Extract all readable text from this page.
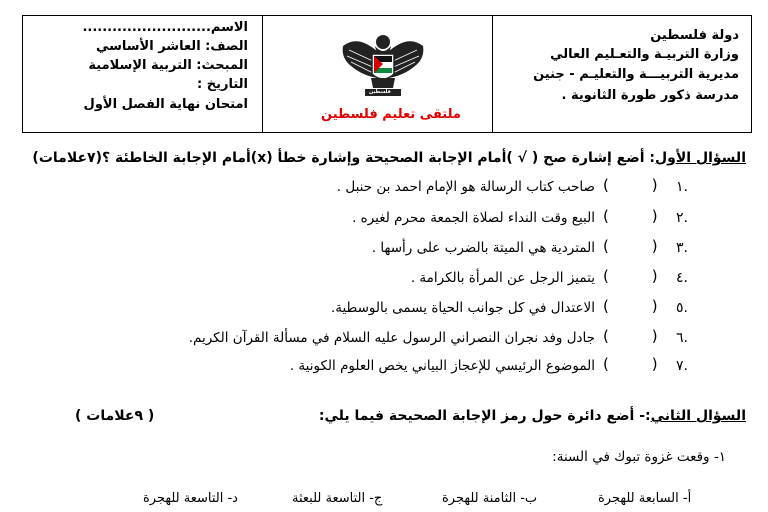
الاسم..........................
الصف: العاشر الأساسي
المبحث: التربية الإسلامية
التاريخ :
امتحان نهاية الفصل الأول
فلسطين
ملتقى تعليم فلسطين
دولة فلسطين
وزارة التربيـة والتعـليم العالي
مديرية التربيـــة والتعليـم - جنين
مدرسة ذكور طورة الثانوية .
السؤال الأول: أضع إشارة صح ( √ )أمام الإجابة الصحيحة وإشارة خطأ (x)أمام الإجابة الخاطئة ؟(٧علامات)
١.
(         )
صاحب كتاب الرسالة هو الإمام احمد بن حنبل .
٢.
(         )
البيع وقت النداء لصلاة الجمعة محرم لغيره .
٣.
(         )
المتردية هي الميتة بالضرب على رأسها .
٤.
(         )
يتميز الرجل عن المرأة بالكرامة .
٥.
(         )
الاعتدال في كل جوانب الحياة يسمى بالوسطية.
٦.
(         )
جادل وفد نجران النصراني الرسول عليه السلام في مسألة القرآن الكريم.
٧.
(         )
الموضوع الرئيسي للإعجاز البياني يخص العلوم الكونية .
السؤال الثاني:- أضع دائرة حول رمز الإجابة الصحيحة فيما يلي:
( ٩علامات )
١- وقعت غزوة تبوك في السنة:
أ- السابعة للهجرة
ب- الثامنة للهجرة
ج- التاسعة للبعثة
د- التاسعة للهجرة
